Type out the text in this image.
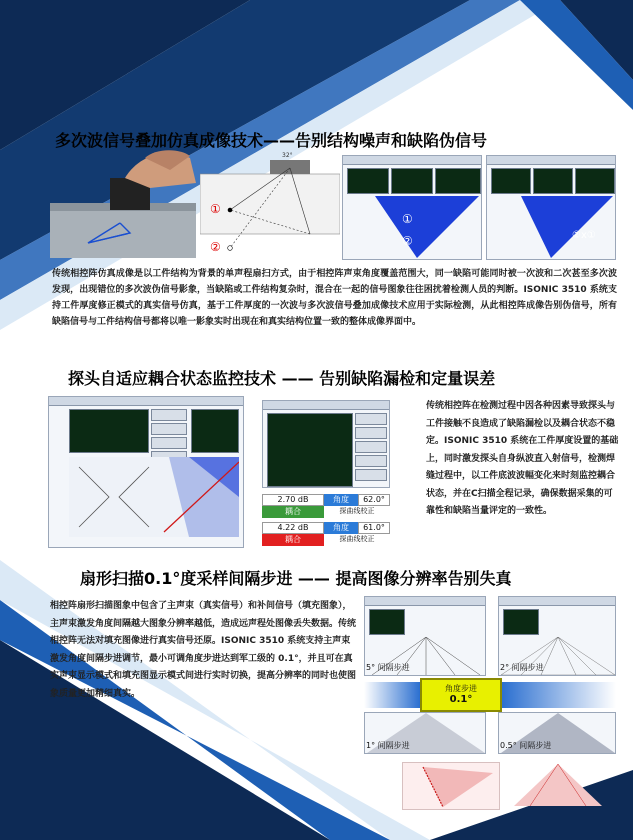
多次波信号叠加仿真成像技术——告别结构噪声和缺陷伪信号
①
②
32°
①
②	②x①
传统相控阵仿真成像是以工件结构为背景的单声程扇扫方式，由于相控阵声束角度覆盖范围大，同一缺陷可能同时被一次波和二次甚至多次波发现，出现错位的多次波伪信号影象，当缺陷或工件结构复杂时，混合在一起的信号图象往往困扰着检测人员的判断。ISONIC 3510 系统支持工件厚度修正模式的真实信号仿真，基于工件厚度的一次波与多次波信号叠加成像技术应用于实际检测，从此相控阵成像告别伪信号，所有缺陷信号与工件结构信号都将以唯一影象实时出现在和真实结构位置一致的整体成像界面中。
探头自适应耦合状态监控技术 —— 告别缺陷漏检和定量误差
2.70 dB	角度	62.0°
耦合	探曲线校正
4.22 dB	角度	61.0°
耦合	探曲线校正
传统相控阵在检测过程中因各种因素导致探头与工件接触不良造成了缺陷漏检以及耦合状态不稳定。ISONIC 3510 系统在工件厚度设置的基础上，同时激发探头自身纵波直入射信号，检测焊缝过程中，以工件底波波幅变化来时刻监控耦合状态，并在C扫描全程记录，确保数据采集的可靠性和缺陷当量评定的一致性。
扇形扫描0.1°度采样间隔步进 —— 提高图像分辨率告别失真
相控阵扇形扫描图象中包含了主声束（真实信号）和补间信号（填充图象），主声束激发角度间隔越大图象分辨率越低，造成远声程处图像丢失数据。传统相控阵无法对填充图像进行真实信号还原。ISONIC 3510 系统支持主声束激发角度间隔步进调节，最小可调角度步进达到军工级的 0.1°，并且可在真实声束显示模式和填充图显示模式间进行实时切换，提高分辨率的同时也使图象质量更加精细真实。
5° 间隔步进	2° 间隔步进
角度步进
0.1°
1° 间隔步进	0.5° 间隔步进
